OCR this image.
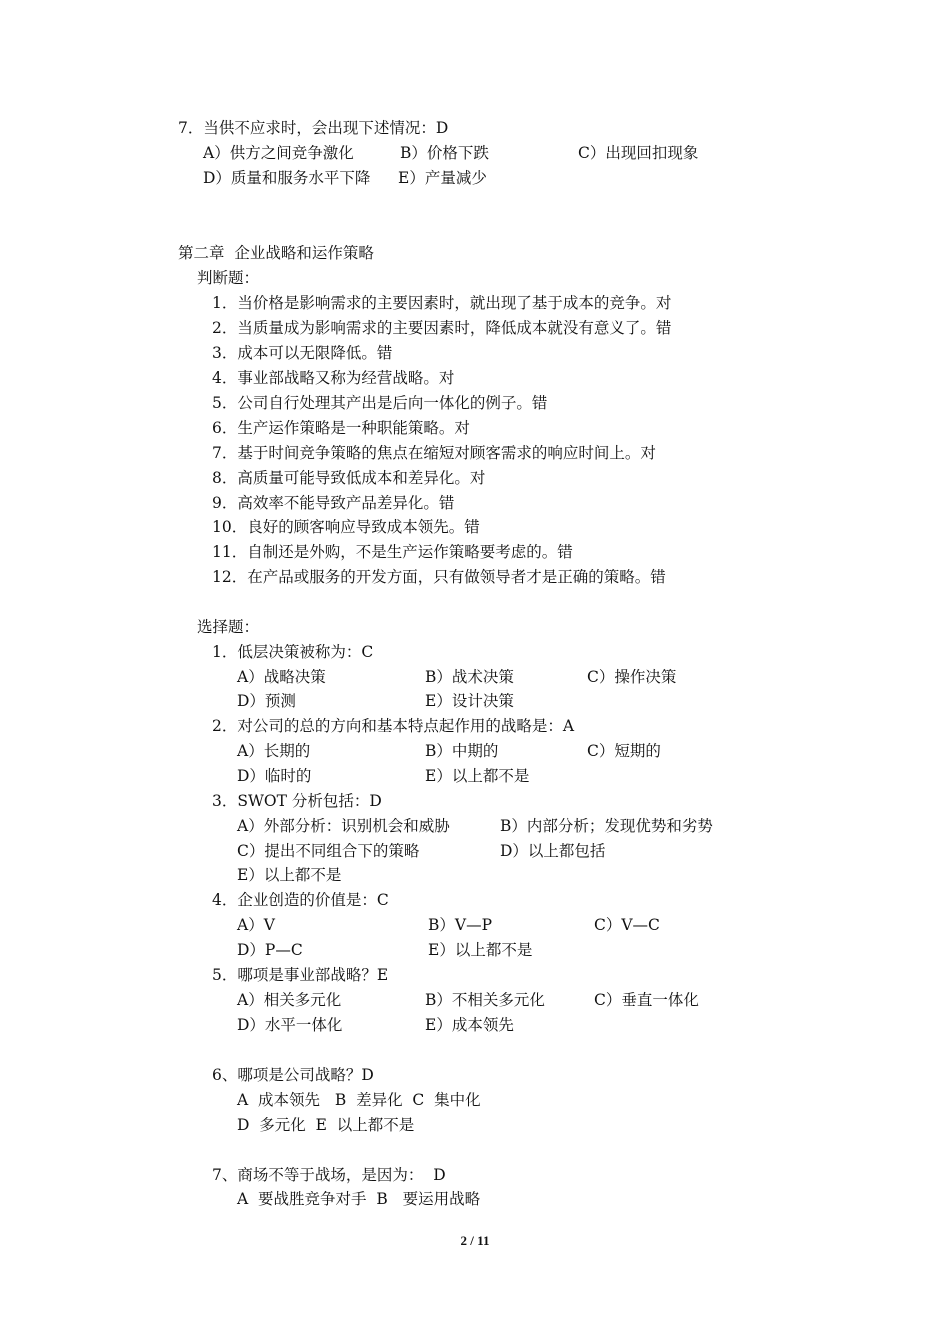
7．当供不应求时，会出现下述情况：D
A）供方之间竞争激化	B）价格下跌	C）出现回扣现象
D）质量和服务水平下降 E）产量减少
第二章  企业战略和运作策略
判断题：
1．当价格是影响需求的主要因素时，就出现了基于成本的竞争。对
2．当质量成为影响需求的主要因素时，降低成本就没有意义了。错
3．成本可以无限降低。错
4．事业部战略又称为经营战略。对
5．公司自行处理其产出是后向一体化的例子。错
6．生产运作策略是一种职能策略。对
7．基于时间竞争策略的焦点在缩短对顾客需求的响应时间上。对
8．高质量可能导致低成本和差异化。对
9．高效率不能导致产品差异化。错
10．良好的顾客响应导致成本领先。错
11．自制还是外购，不是生产运作策略要考虑的。错
12．在产品或服务的开发方面，只有做领导者才是正确的策略。错
选择题：
1．低层决策被称为：C
A）战略决策	B）战术决策	C）操作决策
D）预测	E）设计决策
2．对公司的总的方向和基本特点起作用的战略是：A
A）长期的	B）中期的	C）短期的
D）临时的	E）以上都不是
3．SWOT 分析包括：D
A）外部分析：识别机会和威胁	B）内部分析；发现优势和劣势
C）提出不同组合下的策略	D）以上都包括
E）以上都不是
4．企业创造的价值是：C
A）V	B）V—P	C）V—C
D）P—C	E）以上都不是
5．哪项是事业部战略？E
A）相关多元化	B）不相关多元化	C）垂直一体化
D）水平一体化	E）成本领先
6、哪项是公司战略？D
A  成本领先   B  差异化  C  集中化
D  多元化  E  以上都不是
7、商场不等于战场，是因为：  D
A  要战胜竞争对手  B   要运用战略
2 / 11
